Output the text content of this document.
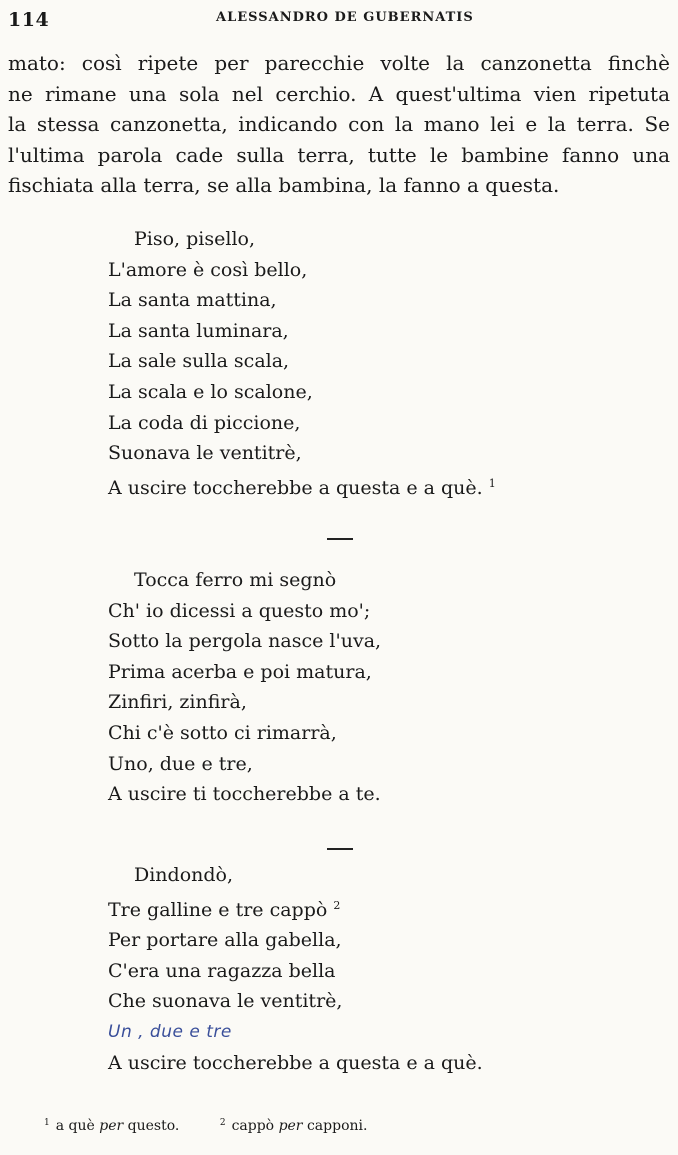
114	ALESSANDRO DE GUBERNATIS
mato: così ripete per parecchie volte la canzonetta finchè
ne rimane una sola nel cerchio. A quest'ultima vien ripetuta
la stessa canzonetta, indicando con la mano lei e la terra. Se
l'ultima parola cade sulla terra, tutte le bambine fanno una
fischiata alla terra, se alla bambina, la fanno a questa.
Piso, pisello,
L'amore è così bello,
La santa mattina,
La santa luminara,
La sale sulla scala,
La scala e lo scalone,
La coda di piccione,
Suonava le ventitrè,
A uscire toccherebbe a questa e a què. $^1$
Tocca ferro mi segnò
Ch' io dicessi a questo mo';
Sotto la pergola nasce l'uva,
Prima acerba e poi matura,
Zinfiri, zinfirà,
Chi c'è sotto ci rimarrà,
Uno, due e tre,
A uscire ti toccherebbe a te.
Dindondò,
Tre galline e tre cappò $^2$
Per portare alla gabella,
C'era una ragazza bella
Che suonava le ventitrè,
Un , due e tre
A uscire toccherebbe a questa e a què.
$^1$ a què per questo.	$^2$ cappò per capponi.
